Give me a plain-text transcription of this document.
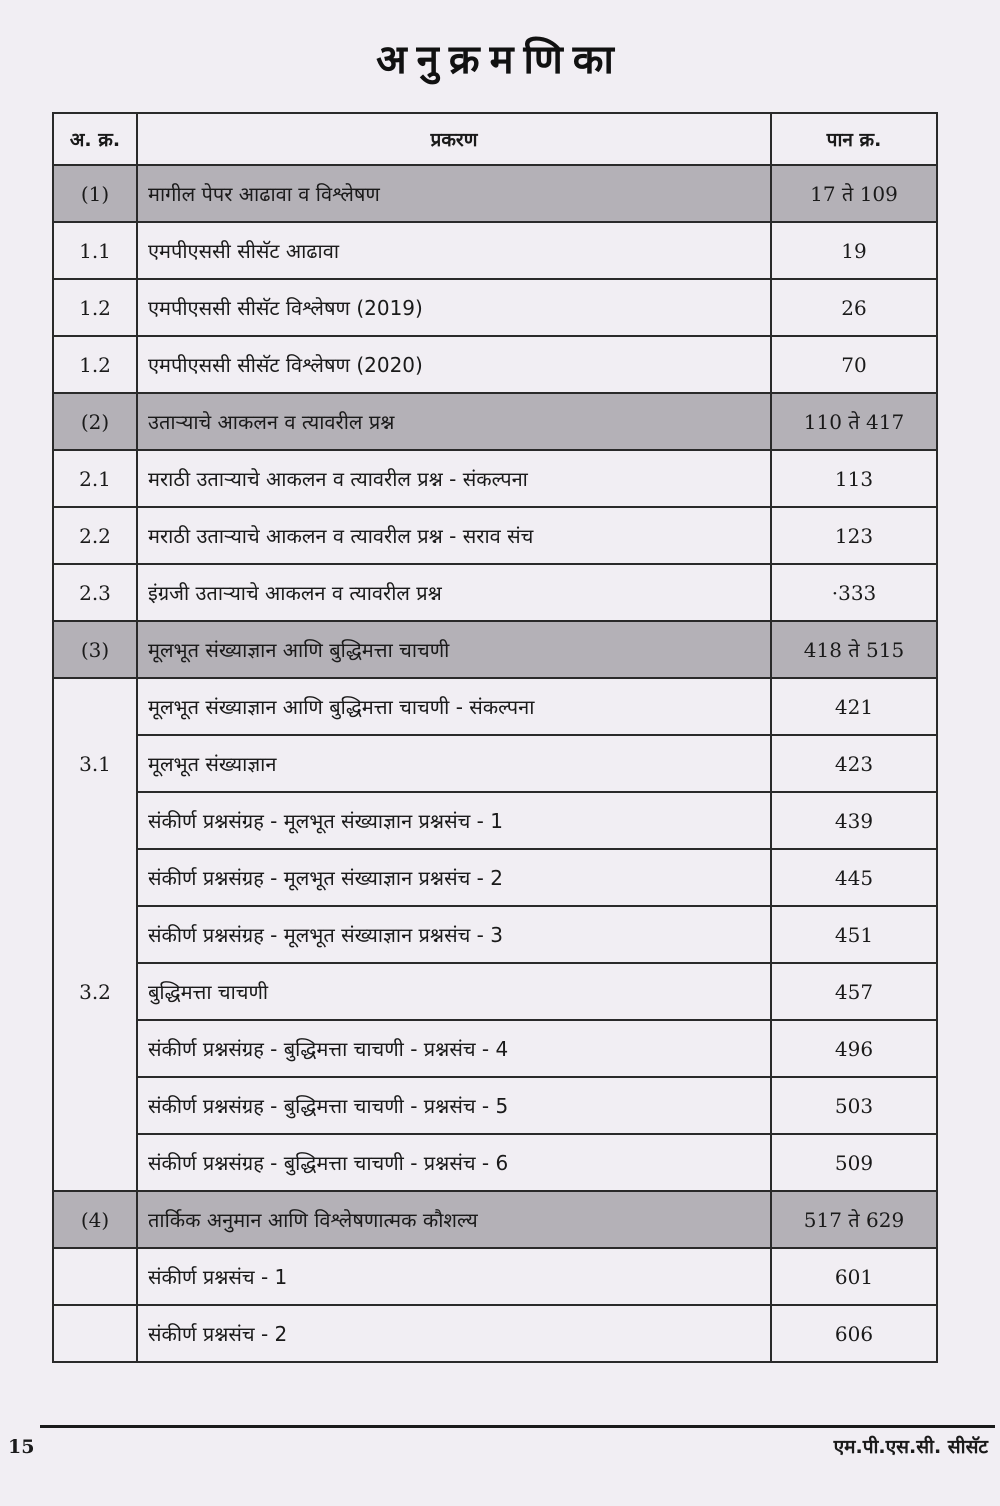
अनुक्रमणिका
अ. क्र.	प्रकरण	पान क्र.
(1)	मागील पेपर आढावा व विश्लेषण	17 ते 109
1.1	एमपीएससी सीसॅट आढावा	19
1.2	एमपीएससी सीसॅट विश्लेषण (2019)	26
1.2	एमपीएससी सीसॅट विश्लेषण (2020)	70
(2)	उताऱ्याचे आकलन व त्यावरील प्रश्न	110 ते 417
2.1	मराठी उताऱ्याचे आकलन व त्यावरील प्रश्न - संकल्पना	113
2.2	मराठी उताऱ्याचे आकलन व त्यावरील प्रश्न - सराव संच	123
2.3	इंग्रजी उताऱ्याचे आकलन व त्यावरील प्रश्न	·333
(3)	मूलभूत संख्याज्ञान आणि बुद्धिमत्ता चाचणी	418 ते 515
	मूलभूत संख्याज्ञान आणि बुद्धिमत्ता चाचणी - संकल्पना	421
3.1	मूलभूत संख्याज्ञान	423
	संकीर्ण प्रश्नसंग्रह - मूलभूत संख्याज्ञान प्रश्नसंच - 1	439
	संकीर्ण प्रश्नसंग्रह - मूलभूत संख्याज्ञान प्रश्नसंच - 2	445
	संकीर्ण प्रश्नसंग्रह - मूलभूत संख्याज्ञान प्रश्नसंच - 3	451
3.2	बुद्धिमत्ता चाचणी	457
	संकीर्ण प्रश्नसंग्रह - बुद्धिमत्ता चाचणी - प्रश्नसंच - 4	496
	संकीर्ण प्रश्नसंग्रह - बुद्धिमत्ता चाचणी - प्रश्नसंच - 5	503
	संकीर्ण प्रश्नसंग्रह - बुद्धिमत्ता चाचणी - प्रश्नसंच - 6	509
(4)	तार्किक अनुमान आणि विश्लेषणात्मक कौशल्य	517 ते 629
	संकीर्ण प्रश्नसंच - 1	601
	संकीर्ण प्रश्नसंच - 2	606
15	एम.पी.एस.सी. सीसॅट
